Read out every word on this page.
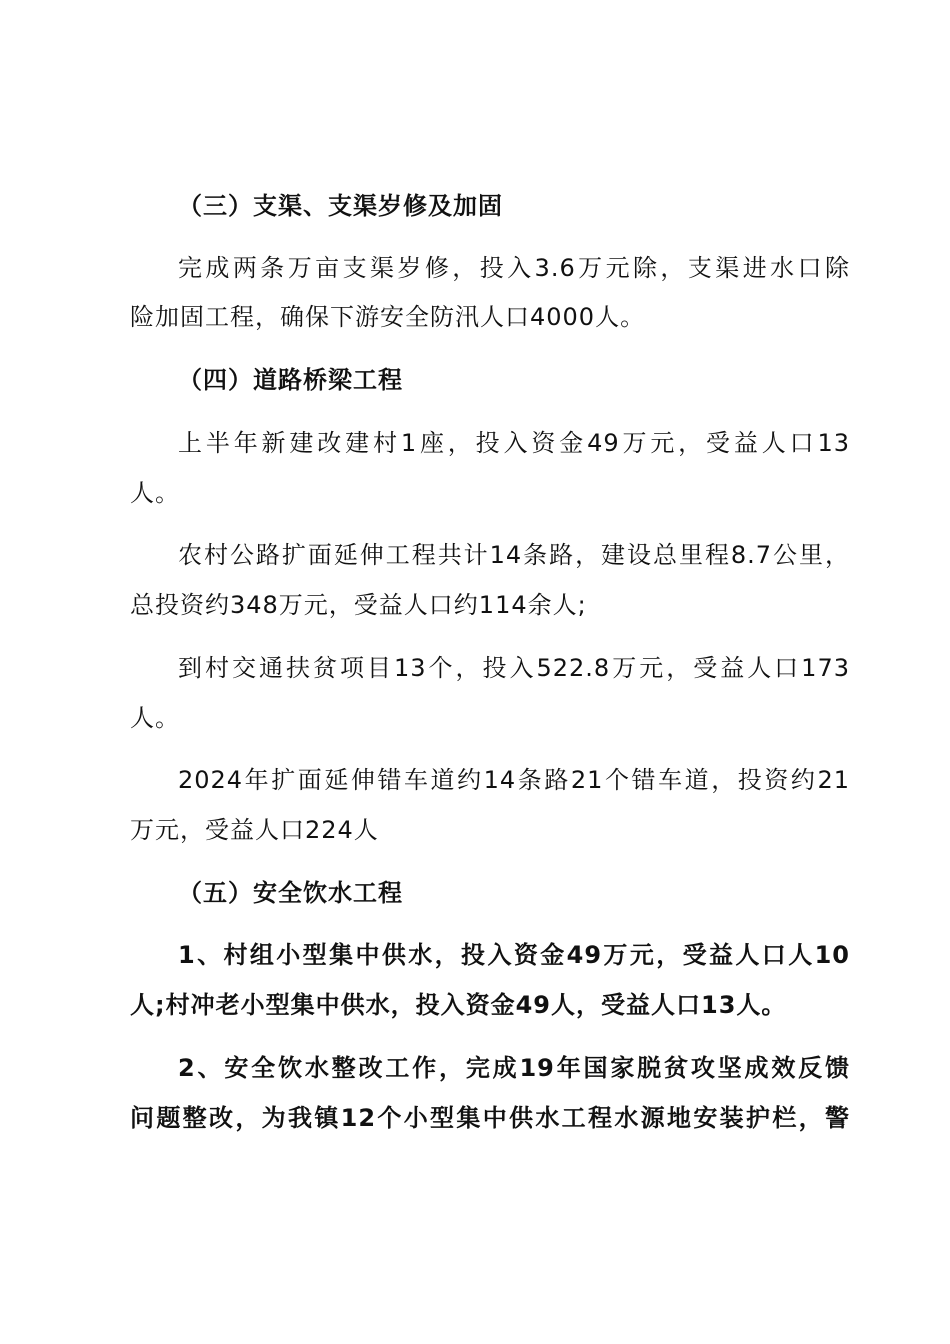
（三）支渠、支渠岁修及加固
完成两条万亩支渠岁修，投入3.6万元除，支渠进水口除
险加固工程，确保下游安全防汛人口4000人。
（四）道路桥梁工程
上半年新建改建村1座，投入资金49万元，受益人口13
人。
农村公路扩面延伸工程共计14条路，建设总里程8.7公里，
总投资约348万元，受益人口约114余人;
到村交通扶贫项目13个，投入522.8万元，受益人口173
人。
2024年扩面延伸错车道约14条路21个错车道，投资约21
万元，受益人口224人
（五）安全饮水工程
1、村组小型集中供水，投入资金49万元，受益人口人10
人;村冲老小型集中供水，投入资金49人，受益人口13人。
2、安全饮水整改工作，完成19年国家脱贫攻坚成效反馈
问题整改，为我镇12个小型集中供水工程水源地安装护栏，警
